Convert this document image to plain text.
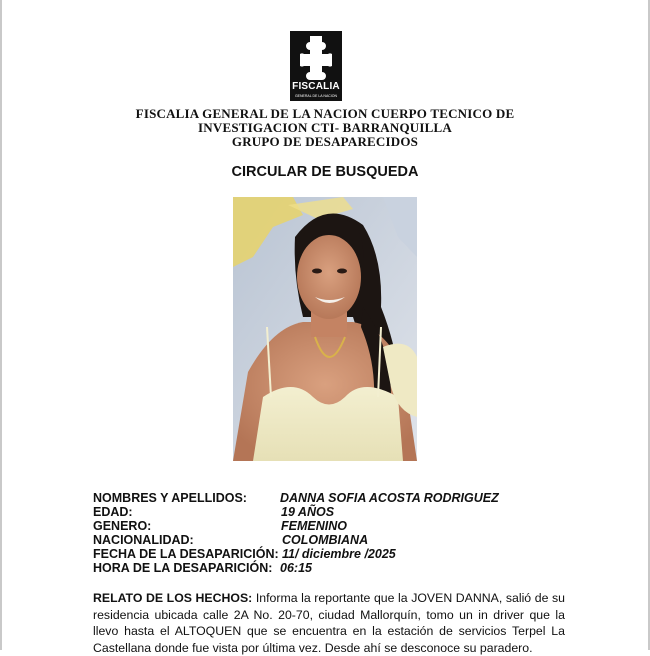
FISCALIA
GENERAL DE LA NACION
FISCALIA GENERAL DE LA NACION CUERPO TECNICO DE
INVESTIGACION CTI- BARRANQUILLA
GRUPO DE DESAPARECIDOS
CIRCULAR DE BUSQUEDA
NOMBRES Y APELLIDOS:	DANNA SOFIA ACOSTA RODRIGUEZ
EDAD:	19 AÑOS
GENERO:	FEMENINO
NACIONALIDAD:	COLOMBIANA
FECHA DE LA DESAPARICIÓN: 11/ diciembre /2025
HORA DE LA DESAPARICIÓN: 06:15
RELATO DE LOS HECHOS: Informa la reportante que la JOVEN DANNA, salió de su residencia ubicada calle 2A No. 20-70, ciudad Mallorquín, tomo un in driver que la llevo hasta el ALTOQUEN que se encuentra en la estación de servicios Terpel La Castellana donde fue vista por última vez. Desde ahí se desconoce su paradero.
